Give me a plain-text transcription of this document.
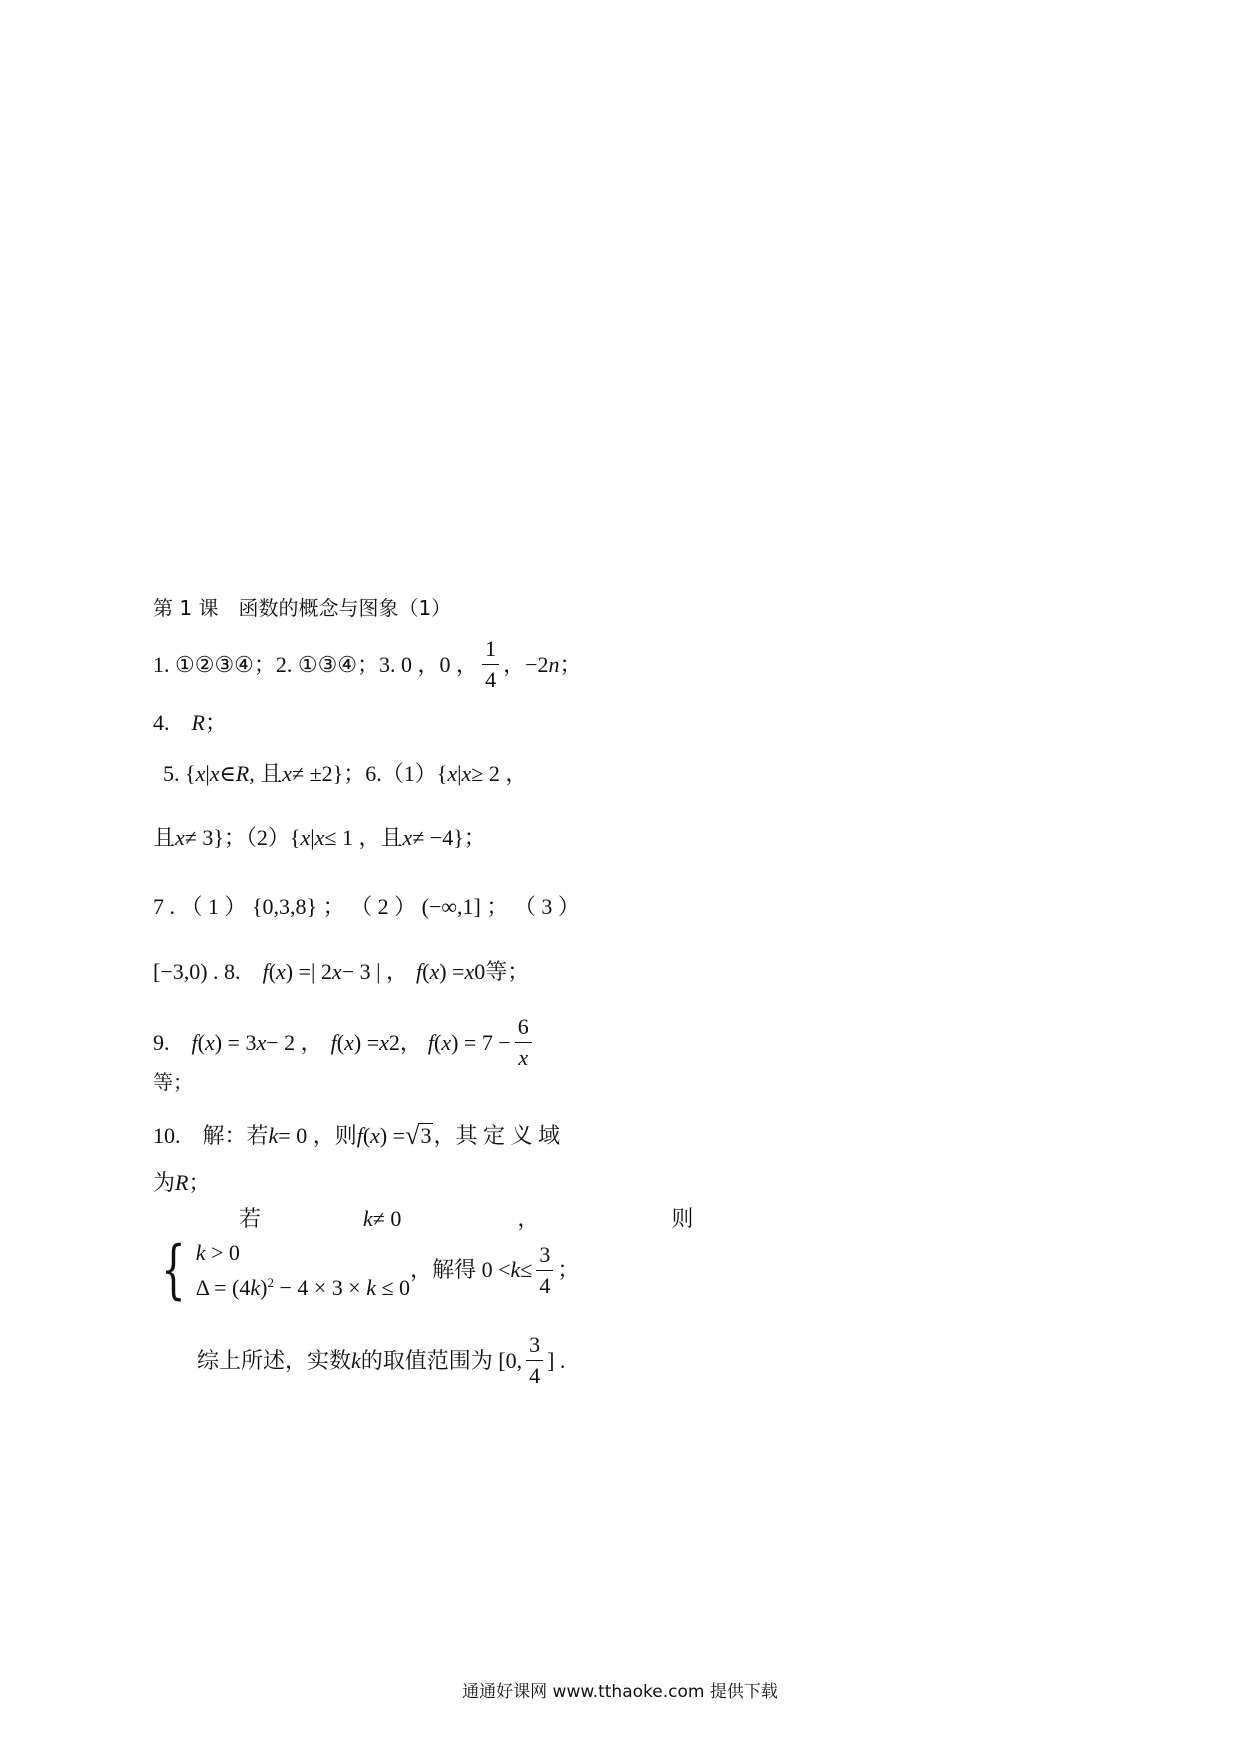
第 1 课　函数的概念与图象（1）
1. ①②③④；2. ①③④；3. 0 ，0 ， $\frac{1}{4}$ ，−2 n ；
4.　 R ；
5. { x | x ∈ R , 且 x ≠ ±2}；6.（1）{ x | x ≥ 2 ，
且 x ≠ 3}；（2）{ x | x ≤ 1 ，且 x ≠ −4}；
7 . （ 1 ） {0,3,8} ； （ 2 ） (−∞,1] ； （ 3 ）
[−3,0) . 8.　 f ( x ) =| 2 x − 3 | ， f ( x ) = x 0 等；
9.　 f ( x ) = 3 x − 2 ， f ( x ) = x 2 ， f ( x ) = $7 - \frac{6}{x}$
等；
10.　解：若 k = 0 ，则 f ( x ) = √ 3 ，其 定 义 域
为 R ；
若	k ≠ 0	，	则
{ k > 0
$\Delta = (4k)^2 - 4 \times 3 \times k \le 0$
，解得 $0 < k \le \frac{3}{4}$ ；
综上所述，实数 k 的取值范围为 [0, $\frac{3}{4}$ ] .
通通好课网 www.tthaoke.com 提供下载
